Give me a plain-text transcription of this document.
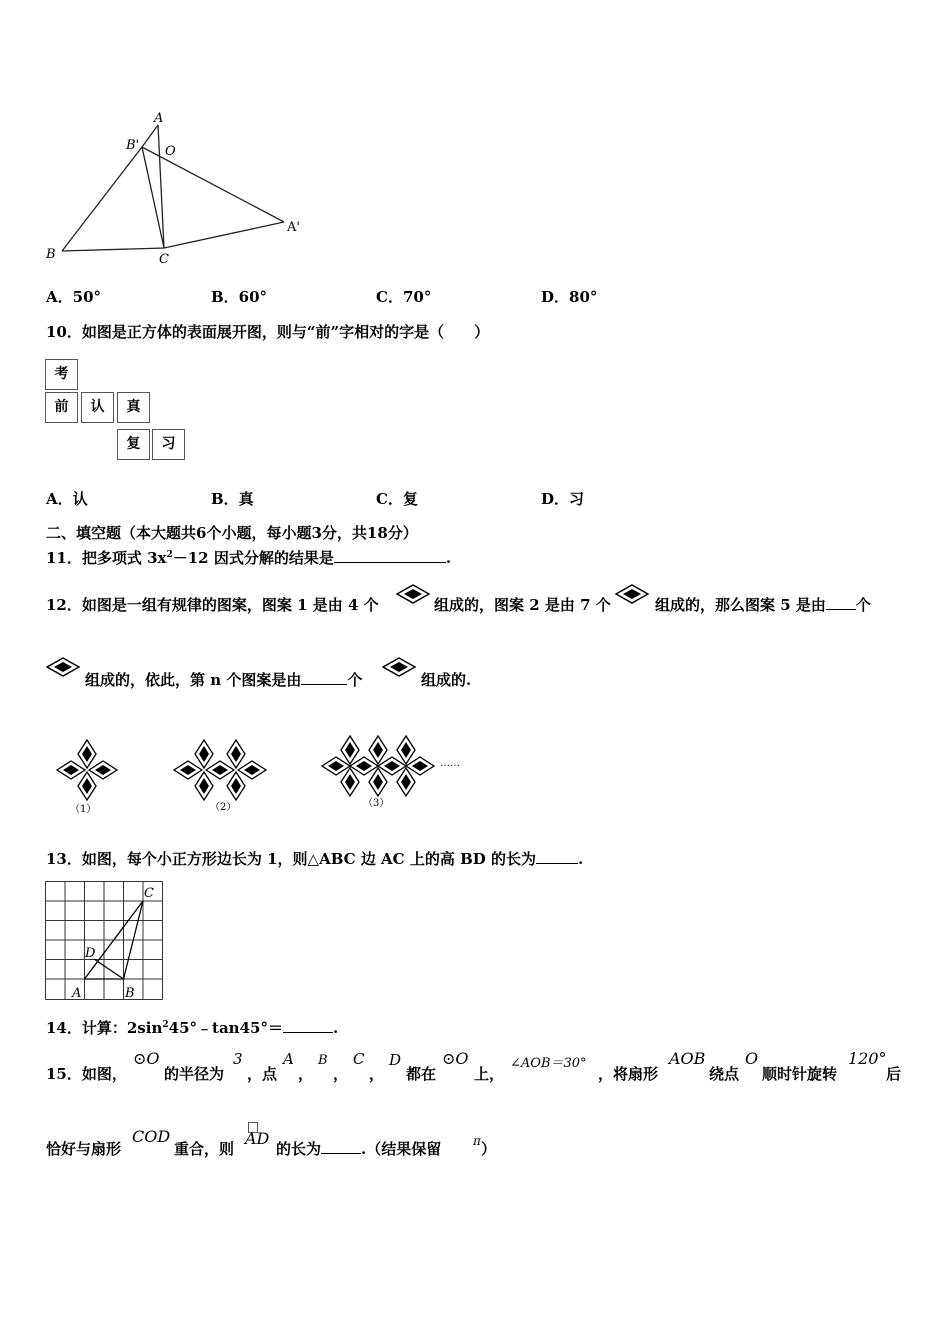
A
B' O
A'
B	C
A．50°	B．60°	C．70°	D．80°
10．如图是正方体的表面展开图，则与“前”字相对的字是（　　）
考
前	认	真
复	习
A．认	B．真	C．复	D．习
二、填空题（本大题共6个小题，每小题3分，共18分）
11．把多项式 $3x^2-12$ 因式分解的结果是	.
12．如图是一组有规律的图案，图案 1 是由 4 个	组成的，图案 2 是由 7 个	组成的，那么图案 5 是由 个
组成的，依此，第 n 个图案是由	个	组成的.
……
（1）	（2）	（3）
13．如图，每个小正方形边长为 1，则△ABC 边 AC 上的高 BD 的长为	.
C
D
A	B
14．计算：$2\sin^245^\circ﹣\tan 45^\circ=$	.
15．如图，
⊙O
的半径为
3
，点
A
，
B
，
C
，
D
都在
⊙O
上，
∠AOB＝30°
，将扇形
AOB
绕点
O
顺时针旋转
120°
后
恰好与扇形
COD
重合，则
AD
的长为	.（结果保留	π ）
